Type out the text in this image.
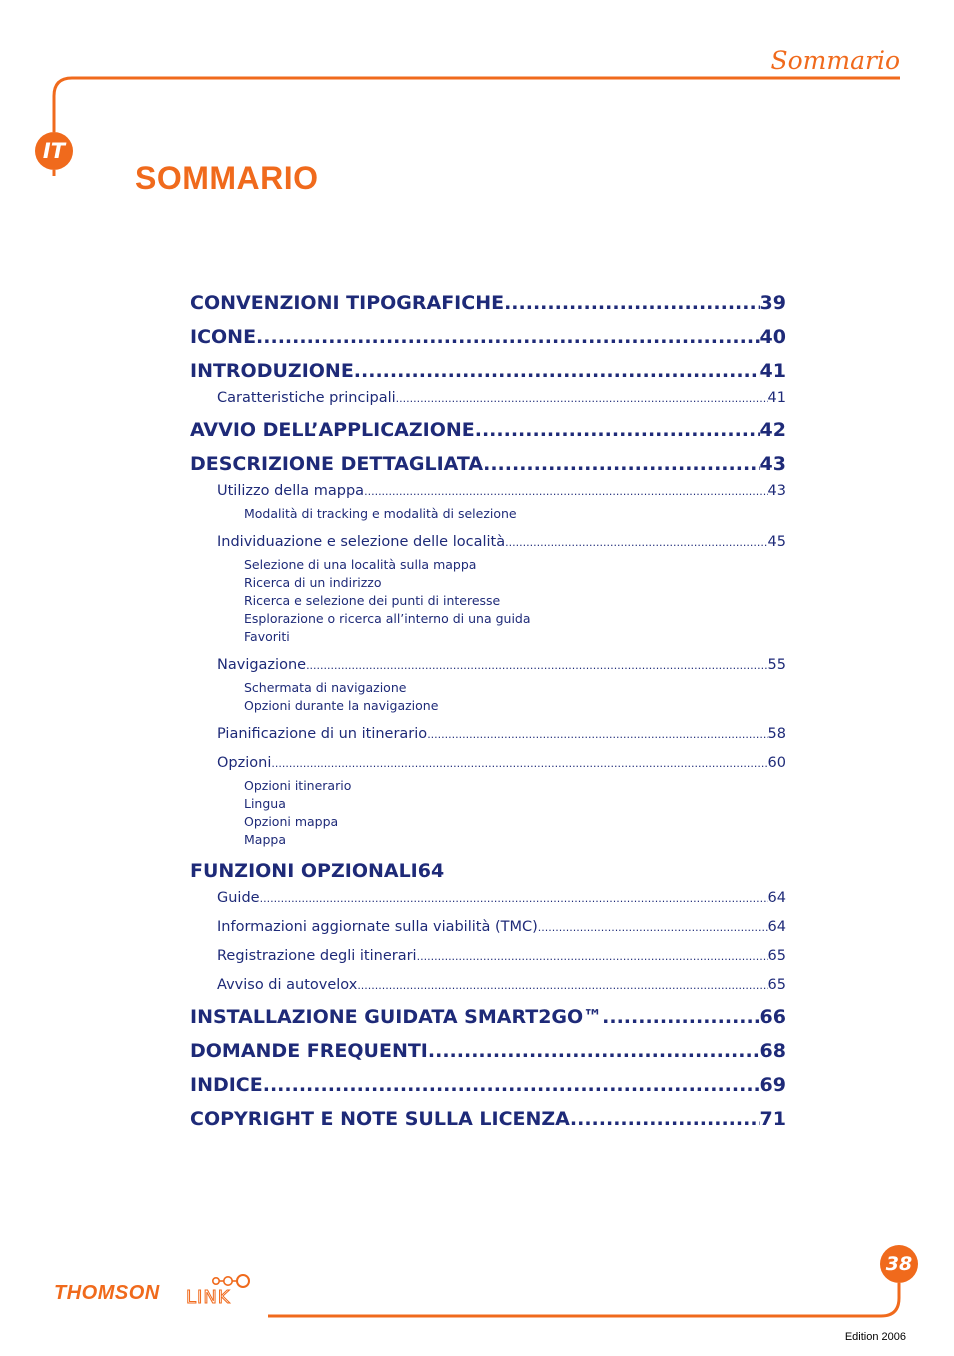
Sommario
IT
SOMMARIO
CONVENZIONI TIPOGRAFICHE .....	39
ICONE .....	40
INTRODUZIONE .....	41
Caratteristiche principali .....	41
AVVIO DELL’APPLICAZIONE .....	42
DESCRIZIONE DETTAGLIATA .....	43
Utilizzo della mappa .....	43
Modalità di tracking e modalità di selezione
Individuazione e selezione delle località .....	45
Selezione di una località sulla mappa
Ricerca di un indirizzo
Ricerca e selezione dei punti di interesse
Esplorazione o ricerca all’interno di una guida
Favoriti
Navigazione .....	55
Schermata di navigazione
Opzioni durante la navigazione
Pianificazione di un itinerario .....	58
Opzioni .....	60
Opzioni itinerario
Lingua
Opzioni mappa
Mappa
FUNZIONI OPZIONALI64
Guide .....	64
Informazioni aggiornate sulla viabilità (TMC) .....	64
Registrazione degli itinerari .....	65
Avviso di autovelox .....	65
INSTALLAZIONE GUIDATA SMART2GO™ .....	66
DOMANDE FREQUENTI .....	68
INDICE .....	69
COPYRIGHT E NOTE SULLA LICENZA .....	71
THOMSON LINK
38
Edition 2006
